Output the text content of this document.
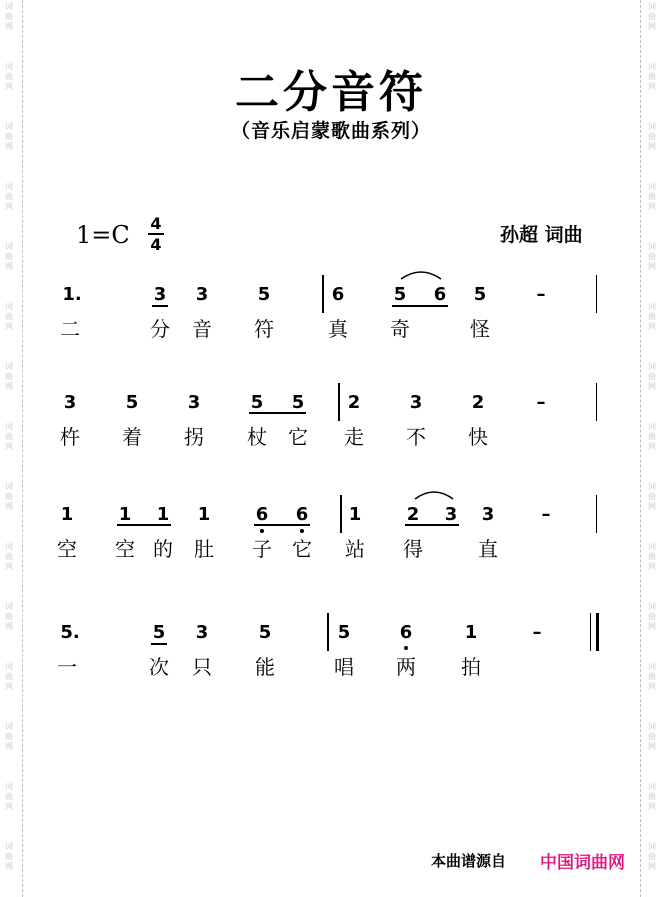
词
曲
网
词
曲
网
词
曲
网
词
曲
网
词
曲
网
词
曲
网
词
曲
网
词
曲
网
词
曲
网
词
曲
网
词
曲
网
词
曲
网
词
曲
网
词
曲
网
词
曲
网
词
曲
网
词
曲
网
词
曲
网
词
曲
网
词
曲
网
词
曲
网
词
曲
网
词
曲
网
词
曲
网
词
曲
网
词
曲
网
词
曲
网
词
曲
网
词
曲
网
词
曲
网
二分音符
（音乐启蒙歌曲系列）
1=C 4
4	孙超 词曲
1.	3 3	5	6	5 6 5	–
二	分 音 符	真 奇	怪
3	5	3	5 5 2	3	2	–
杵 着 拐 杖 它 走 不 快
1	1 1 1	6 6 1	2 3 3	–
空 空 的 肚 子 它 站 得	直
5.	5 3	5	5	6	1	–
一	次 只 能	唱 两 拍
本曲谱源自 中国词曲网
